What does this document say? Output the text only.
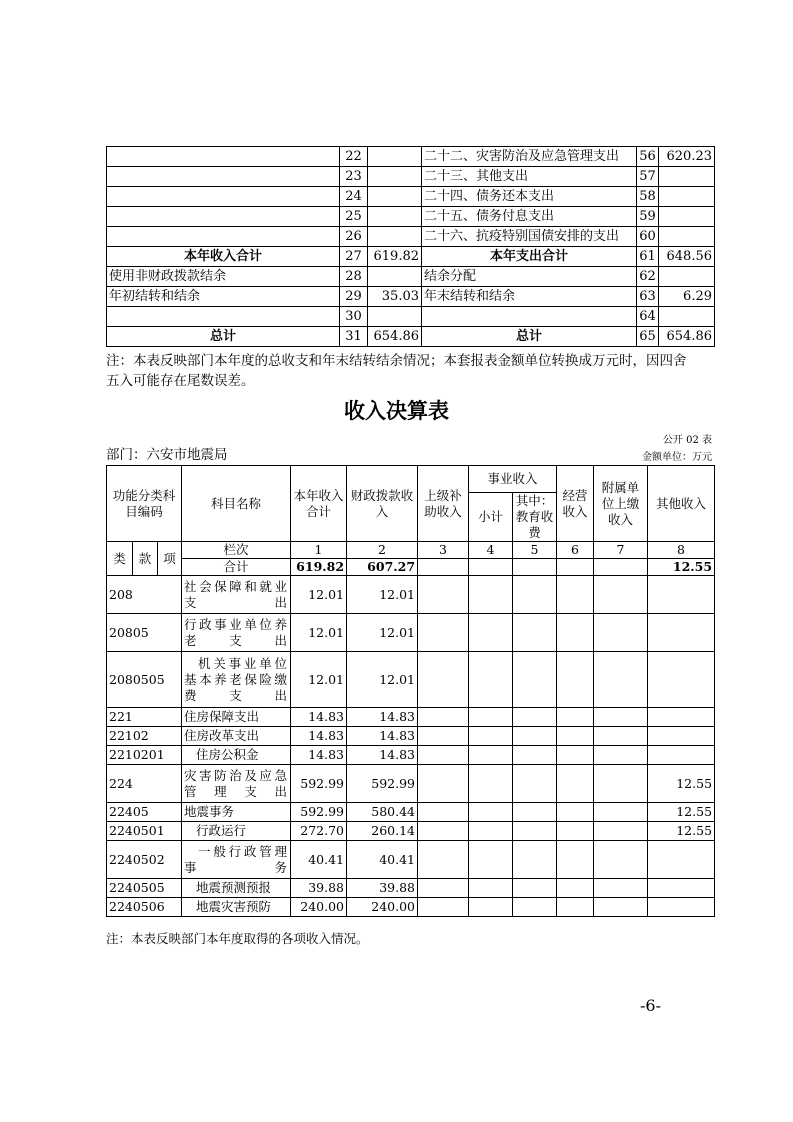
	22		二十二、灾害防治及应急管理支出	56	620.23
	23		二十三、其他支出	57	
	24		二十四、债务还本支出	58	
	25		二十五、债务付息支出	59	
	26		二十六、抗疫特别国债安排的支出	60	
本年收入合计	27	619.82	本年支出合计	61	648.56
使用非财政拨款结余	28		结余分配	62	
年初结转和结余	29	35.03	年末结转和结余	63	6.29
	30			64	
总计	31	654.86	总计	65	654.86
注：本表反映部门本年度的总收支和年末结转结余情况；本套报表金额单位转换成万元时，因四舍
五入可能存在尾数误差。
收入决算表
公开 02 表
部门：六安市地震局	金额单位：万元
功能分类科目编码			科目名称	本年收入合计	财政拨款收入	上级补助收入	事业收入		经营收入	附属单位上缴收入	其他收入
							小计	其中：教育收费			

类	款	项	栏次	1	2	3	4	5	6	7	8
			合计	619.82	607.27						12.55
208			社会保障和就业支出	12.01	12.01						
20805			行政事业单位养老支出	12.01	12.01						
2080505			机关事业单位基本养老保险缴费支出	12.01	12.01						
221			住房保障支出	14.83	14.83						
22102			住房改革支出	14.83	14.83						
2210201			住房公积金	14.83	14.83						
224			灾害防治及应急管理支出	592.99	592.99						12.55
22405			地震事务	592.99	580.44						12.55
2240501			行政运行	272.70	260.14						12.55
2240502			一般行政管理事务	40.41	40.41						
2240505			地震预测预报	39.88	39.88						
2240506			地震灾害预防	240.00	240.00						
注：本表反映部门本年度取得的各项收入情况。
-6-
